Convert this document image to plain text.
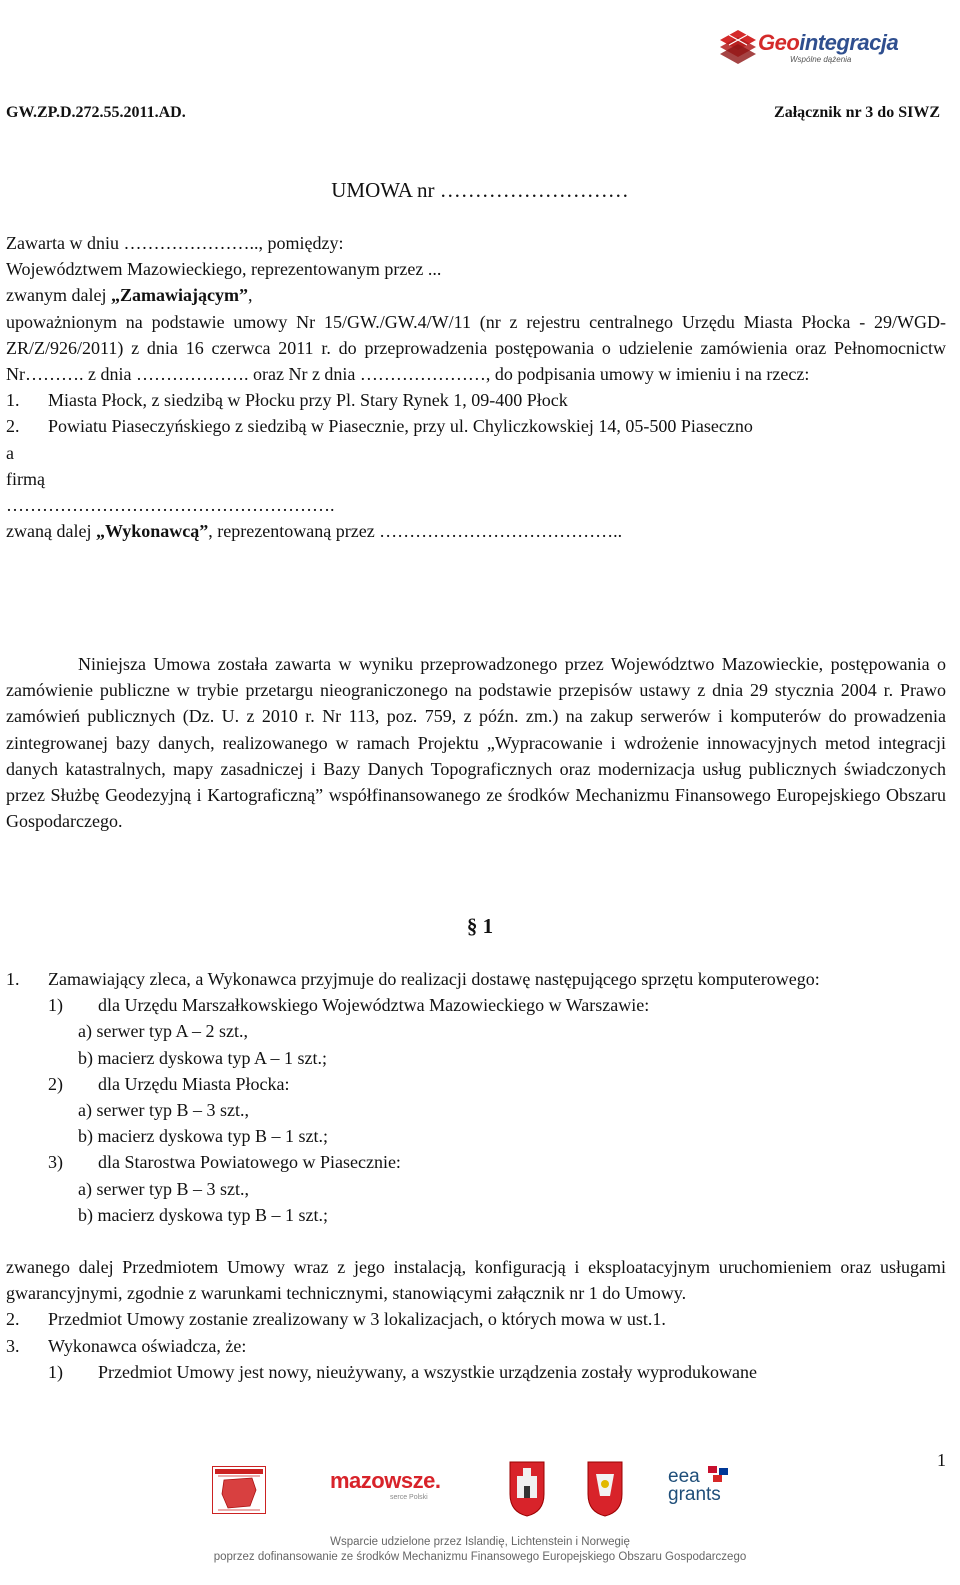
Geointegracja
Wspólne dążenia
GW.ZP.D.272.55.2011.AD.	Załącznik nr 3 do SIWZ
UMOWA nr ………………………

Zawarta w dniu ………………….., pomiędzy:

Województwem Mazowieckiego, reprezentowanym przez ...

zwanym dalej „Zamawiającym”,

upoważnionym na podstawie umowy Nr 15/GW./GW.4/W/11 (nr z rejestru centralnego Urzędu Miasta Płocka - 29/WGD-ZR/Z/926/2011) z dnia 16 czerwca 2011 r. do przeprowadzenia postępowania o udzielenie zamówienia oraz Pełnomocnictw Nr………. z dnia ………………. oraz Nr z dnia …………………, do podpisania umowy w imieniu i na rzecz:

1.	Miasta Płock, z siedzibą w Płocku przy Pl. Stary Rynek 1, 09-400 Płock
2.	Powiatu Piaseczyńskiego z siedzibą w Piasecznie, przy ul. Chyliczkowskiej 14, 05-500 Piaseczno

a

firmą

……………………………………………….

zwaną dalej „Wykonawcą”, reprezentowaną przez …………………………………..

Niniejsza Umowa została zawarta w wyniku przeprowadzonego przez Województwo Mazowieckie, postępowania o zamówienie publiczne w trybie przetargu nieograniczonego na podstawie przepisów ustawy z dnia 29 stycznia 2004 r. Prawo zamówień publicznych (Dz. U. z 2010 r. Nr 113, poz. 759, z późn. zm.) na zakup serwerów i komputerów do prowadzenia zintegrowanej bazy danych, realizowanego w ramach Projektu „Wypracowanie i wdrożenie innowacyjnych metod integracji danych katastralnych, mapy zasadniczej i Bazy Danych Topograficznych oraz modernizacja usług publicznych świadczonych przez Służbę Geodezyjną i Kartograficzną” współfinansowanego ze środków Mechanizmu Finansowego Europejskiego Obszaru Gospodarczego.

§ 1
1.	Zamawiający zleca, a Wykonawca przyjmuje do realizacji dostawę następującego sprzętu komputerowego:
1)	dla Urzędu Marszałkowskiego Województwa Mazowieckiego w Warszawie:
a) serwer typ A – 2 szt.,
b) macierz dyskowa typ A – 1 szt.;
2)	dla Urzędu Miasta Płocka:
a) serwer typ B – 3 szt.,
b) macierz dyskowa typ B – 1 szt.;
3)	dla Starostwa Powiatowego w Piasecznie:
a) serwer typ B – 3 szt.,
b) macierz dyskowa typ B – 1 szt.;

zwanego dalej Przedmiotem Umowy wraz z jego instalacją, konfiguracją i eksploatacyjnym uruchomieniem oraz usługami gwarancyjnymi, zgodnie z warunkami technicznymi, stanowiącymi załącznik nr 1 do Umowy.

2.	Przedmiot Umowy zostanie zrealizowany w 3 lokalizacjach, o których mowa w ust.1.
3.	Wykonawca oświadcza, że:
1)	Przedmiot Umowy jest nowy, nieużywany, a wszystkie urządzenia zostały wyprodukowane
1
mazowsze.
serce Polski
eea
grants
Wsparcie udzielone przez Islandię, Lichtenstein i Norwegię
poprzez dofinansowanie ze środków Mechanizmu Finansowego Europejskiego Obszaru Gospodarczego
